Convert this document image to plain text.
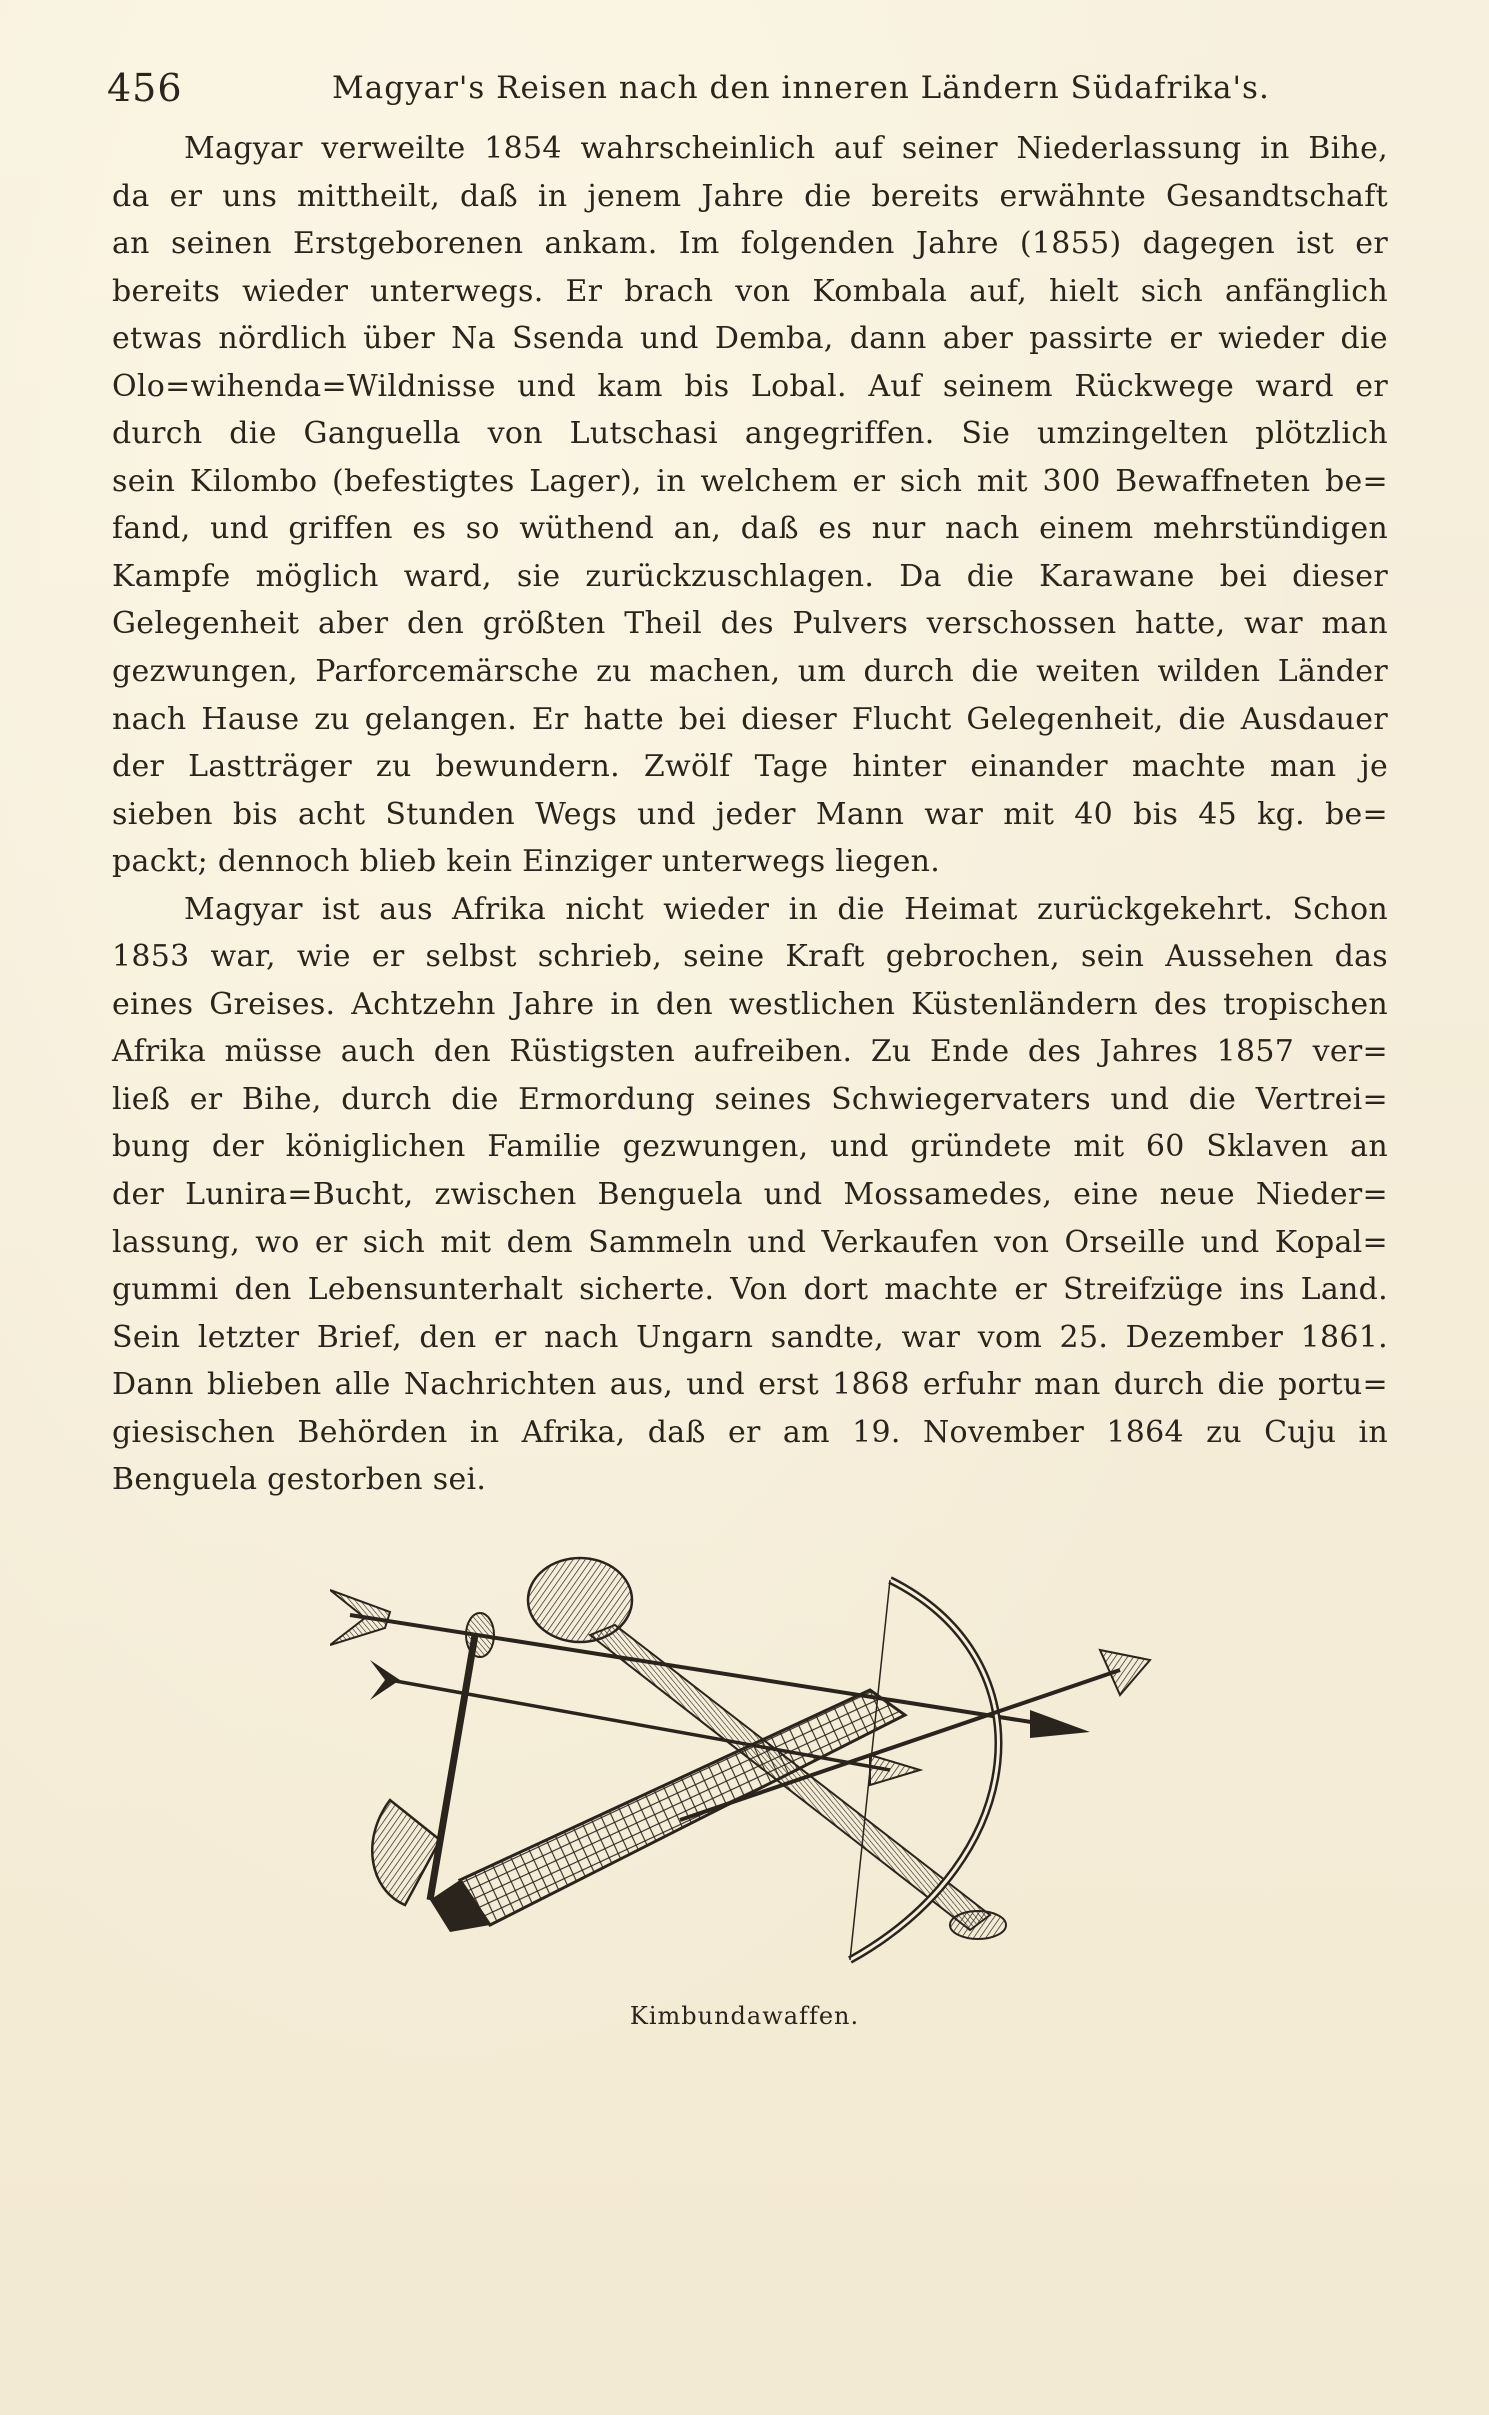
456	Magyar's Reisen nach den inneren Ländern Südafrika's.
Magyar verweilte 1854 wahrscheinlich auf seiner Niederlassung in Bihe,
da er uns mittheilt, daß in jenem Jahre die bereits erwähnte Gesandtschaft
an seinen Erstgeborenen ankam. Im folgenden Jahre (1855) dagegen ist er
bereits wieder unterwegs. Er brach von Kombala auf, hielt sich anfänglich
etwas nördlich über Na Ssenda und Demba, dann aber passirte er wieder die
Olo=wihenda=Wildnisse und kam bis Lobal. Auf seinem Rückwege ward er
durch die Ganguella von Lutschasi angegriffen. Sie umzingelten plötzlich
sein Kilombo (befestigtes Lager), in welchem er sich mit 300 Bewaffneten be=
fand, und griffen es so wüthend an, daß es nur nach einem mehrstündigen
Kampfe möglich ward, sie zurückzuschlagen. Da die Karawane bei dieser
Gelegenheit aber den größten Theil des Pulvers verschossen hatte, war man
gezwungen, Parforcemärsche zu machen, um durch die weiten wilden Länder
nach Hause zu gelangen. Er hatte bei dieser Flucht Gelegenheit, die Ausdauer
der Lastträger zu bewundern. Zwölf Tage hinter einander machte man je
sieben bis acht Stunden Wegs und jeder Mann war mit 40 bis 45 kg. be=
packt; dennoch blieb kein Einziger unterwegs liegen.
Magyar ist aus Afrika nicht wieder in die Heimat zurückgekehrt. Schon
1853 war, wie er selbst schrieb, seine Kraft gebrochen, sein Aussehen das
eines Greises. Achtzehn Jahre in den westlichen Küstenländern des tropischen
Afrika müsse auch den Rüstigsten aufreiben. Zu Ende des Jahres 1857 ver=
ließ er Bihe, durch die Ermordung seines Schwiegervaters und die Vertrei=
bung der königlichen Familie gezwungen, und gründete mit 60 Sklaven an
der Lunira=Bucht, zwischen Benguela und Mossamedes, eine neue Nieder=
lassung, wo er sich mit dem Sammeln und Verkaufen von Orseille und Kopal=
gummi den Lebensunterhalt sicherte. Von dort machte er Streifzüge ins Land.
Sein letzter Brief, den er nach Ungarn sandte, war vom 25. Dezember 1861.
Dann blieben alle Nachrichten aus, und erst 1868 erfuhr man durch die portu=
giesischen Behörden in Afrika, daß er am 19. November 1864 zu Cuju in
Benguela gestorben sei.
Kimbundawaffen.
